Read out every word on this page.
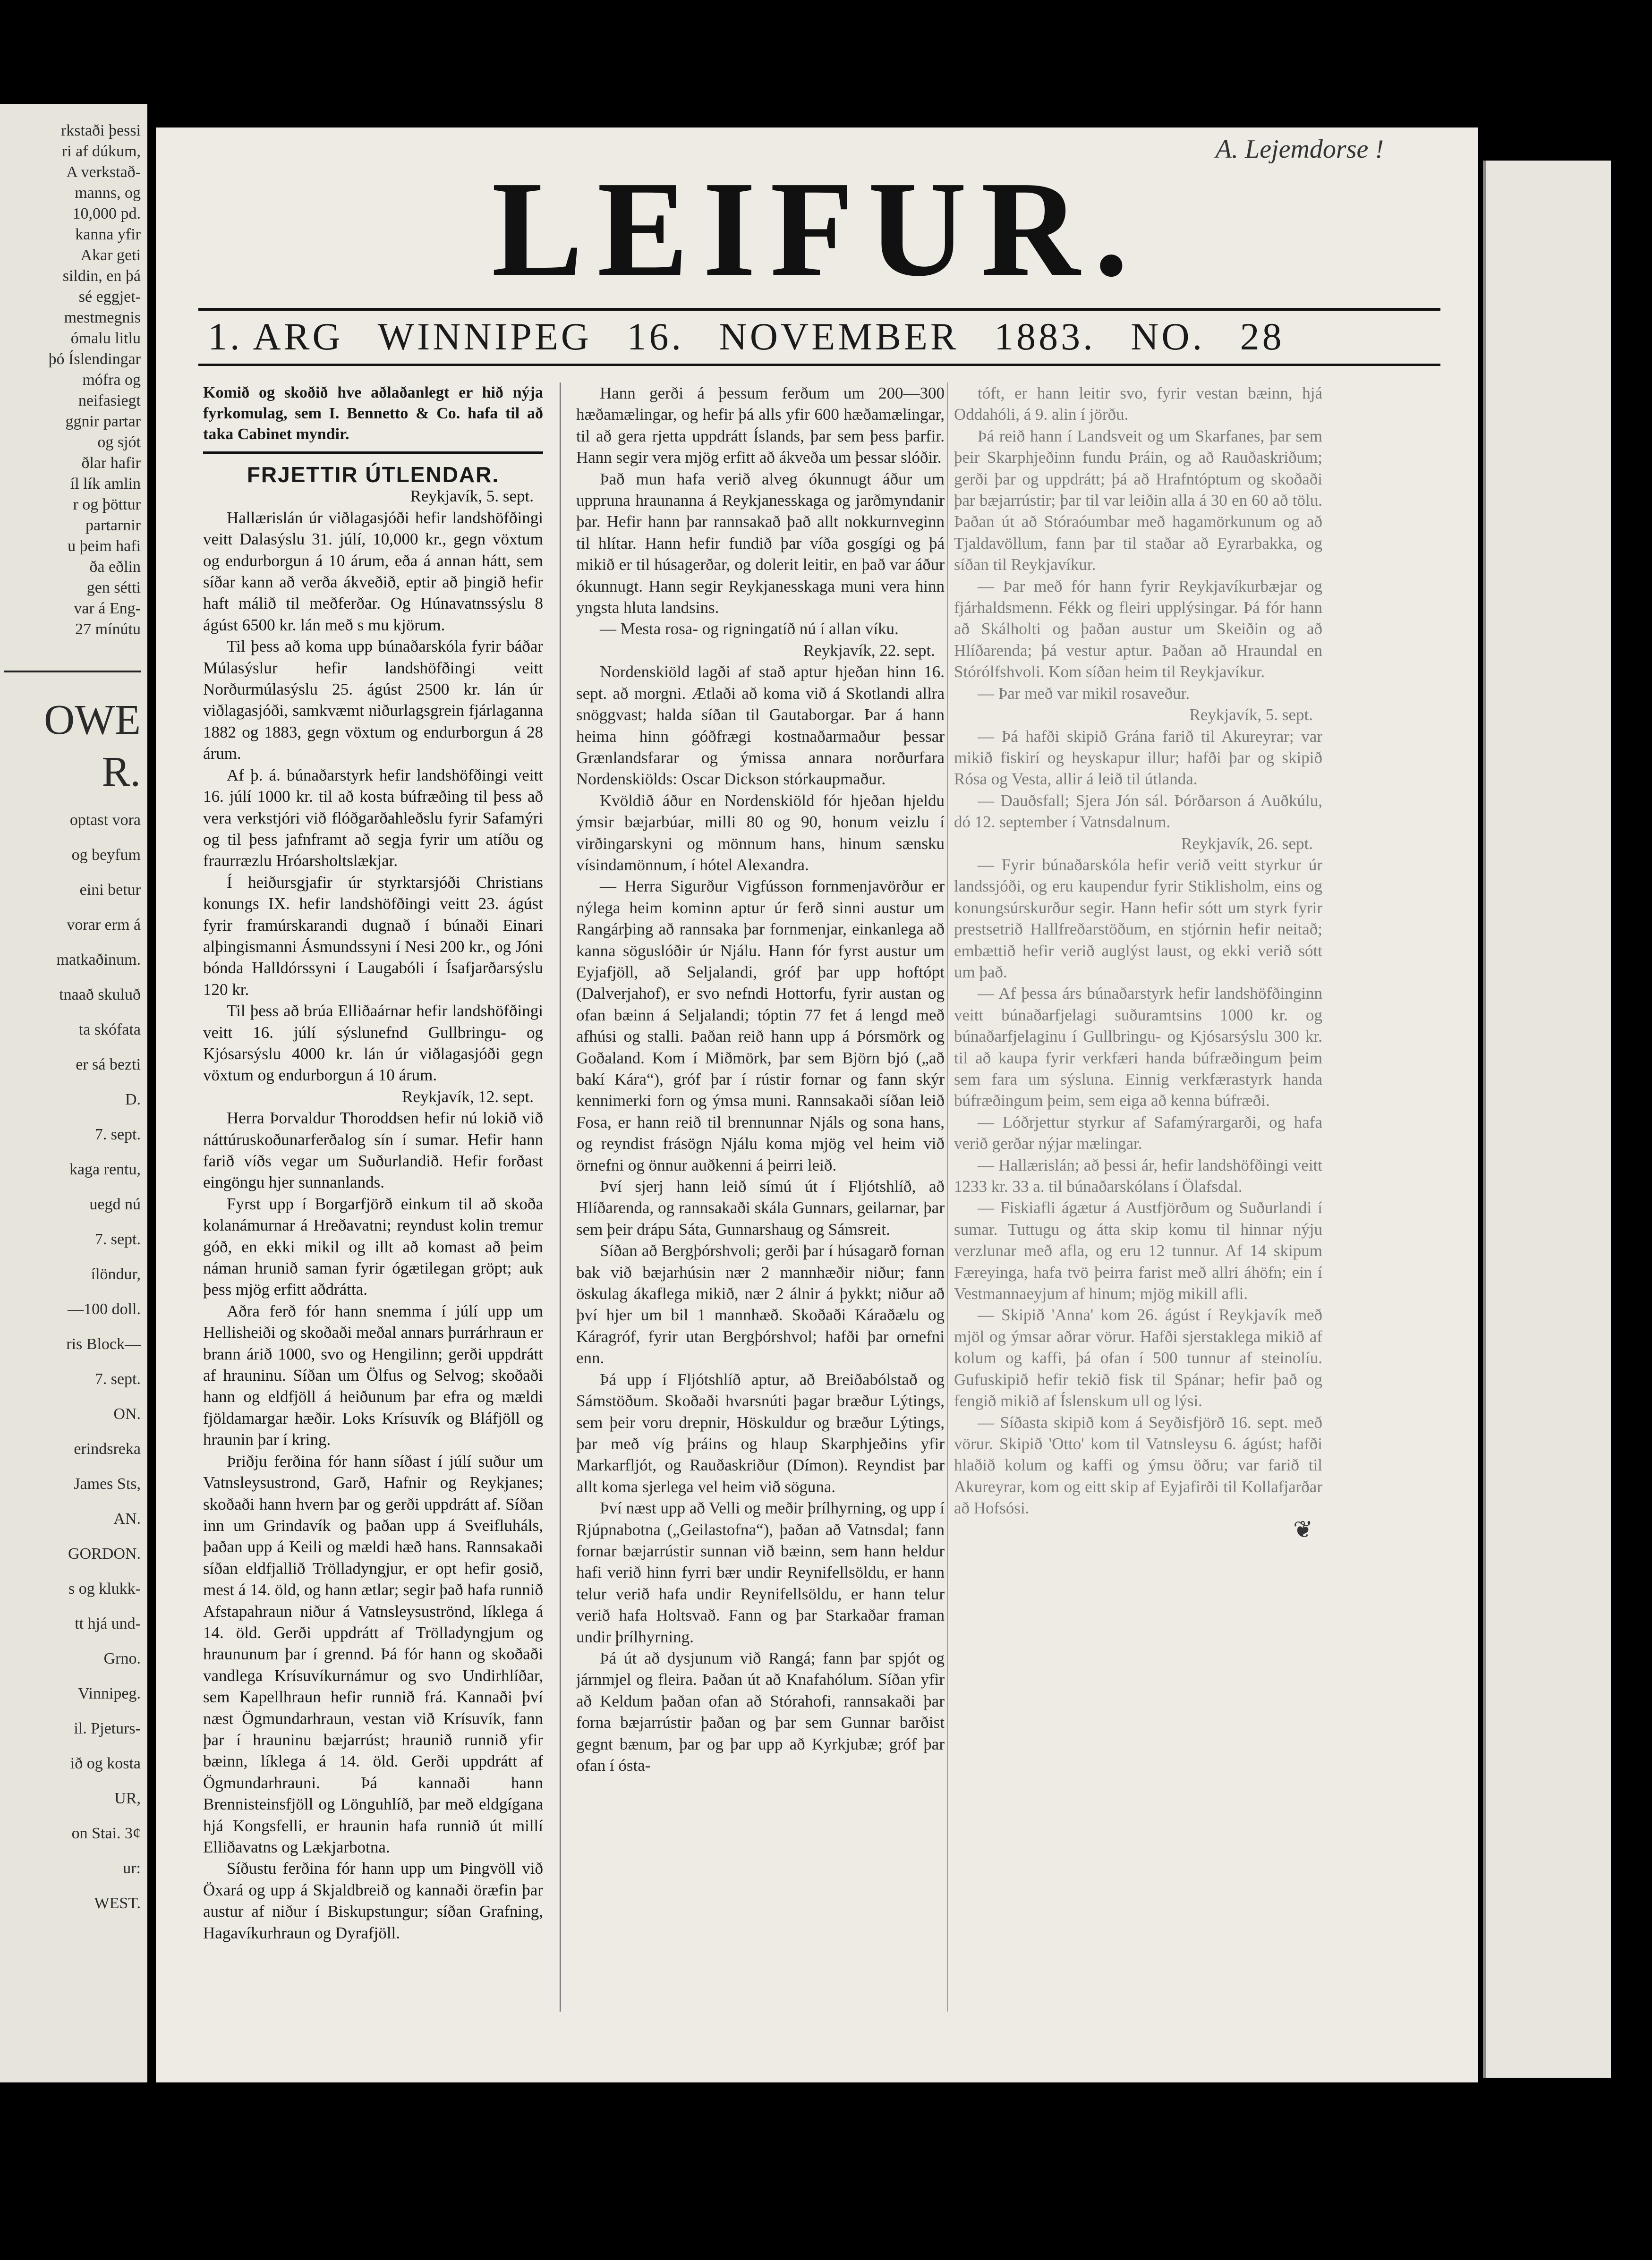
rkstaði þessi
ri af dúkum,
A verkstað-
manns, og
10,000 pd.
kanna yfir
Akar geti
sildin, en þá
sé eggjet-
mestmegnis
ómalu litlu
þó Íslendingar
mófra og
neifasiegt
ggnir partar
og sjót
ðlar hafir
íl lík amlin
r og þöttur
partarnir
u þeim hafi
ða eðlin
gen sétti
var á Eng-
27 mínútu
OWE
R.
optast vora
og beyfum
eini betur
vorar erm á
matkaðinum.
tnaað skuluð
ta skófata
er sá bezti
D.
7. sept.
kaga rentu,
uegd nú
7. sept.
ílöndur,
—100 doll.
ris Block—
7. sept.
ON.
erindsreka
James Sts,
AN.
GORDON.
s og klukk-
tt hjá und-
Grno.
Vinnipeg.
il. Pjeturs-
ið og kosta
UR,
on Stai. 3¢
ur:
WEST.
A. Lejemdorse !
LEIFUR.
1. ARG WINNIPEG 16. NOVEMBER 1883. NO. 28

Komið og skoðið hve aðlaðanlegt er hið nýja fyrkomulag, sem I. Bennetto & Co. hafa til að taka Cabinet myndir.

FRJETTIR ÚTLENDAR.

Reykjavík, 5. sept.

Hallærislán úr viðlagasjóði hefir landshöfðingi veitt Dalasýslu 31. júlí, 10,000 kr., gegn vöxtum og endurborgun á 10 árum, eða á annan hátt, sem síðar kann að verða ákveðið, eptir að þingið hefir haft málið til meðferðar. Og Húnavatnssýslu 8 ágúst 6500 kr. lán með s mu kjörum.

Til þess að koma upp búnaðarskóla fyrir báðar Múlasýslur hefir landshöfðingi veitt Norðurmúlasýslu 25. ágúst 2500 kr. lán úr viðlagasjóði, samkvæmt niðurlagsgrein fjárlaganna 1882 og 1883, gegn vöxtum og endurborgun á 28 árum.

Af þ. á. búnaðarstyrk hefir landshöfðingi veitt 16. júlí 1000 kr. til að kosta búfræðing til þess að vera verkstjóri við flóðgarðahleðslu fyrir Safamýri og til þess jafnframt að segja fyrir um atíðu og fraurræzlu Hróarsholtslækjar.

Í heiðursgjafir úr styrktarsjóði Christians konungs IX. hefir landshöfðingi veitt 23. ágúst fyrir framúrskarandi dugnað í búnaði Einari alþingismanni Ásmundssyni í Nesi 200 kr., og Jóni bónda Halldórssyni í Laugabóli í Ísafjarðarsýslu 120 kr.

Til þess að brúa Elliðaárnar hefir landshöfðingi veitt 16. júlí sýslunefnd Gullbringu- og Kjósarsýslu 4000 kr. lán úr viðlagasjóði gegn vöxtum og endurborgun á 10 árum.

Reykjavík, 12. sept.

Herra Þorvaldur Thoroddsen hefir nú lokið við náttúruskoðunarferðalog sín í sumar. Hefir hann farið víðs vegar um Suðurlandið. Hefir forðast eingöngu hjer sunnanlands.

Fyrst upp í Borgarfjörð einkum til að skoða kolanámurnar á Hreðavatni; reyndust kolin tremur góð, en ekki mikil og illt að komast að þeim náman hrunið saman fyrir ógætilegan gröpt; auk þess mjög erfitt aðdrátta.

Aðra ferð fór hann snemma í júlí upp um Hellisheiði og skoðaði meðal annars þurrárhraun er brann árið 1000, svo og Hengilinn; gerði uppdrátt af hrauninu. Síðan um Ölfus og Selvog; skoðaði hann og eldfjöll á heiðunum þar efra og mældi fjöldamargar hæðir. Loks Krísuvík og Bláfjöll og hraunin þar í kring.

Þriðju ferðina fór hann síðast í júlí suður um Vatnsleysustrond, Garð, Hafnir og Reykjanes; skoðaði hann hvern þar og gerði uppdrátt af. Síðan inn um Grindavík og þaðan upp á Sveifluháls, þaðan upp á Keili og mældi hæð hans. Rannsakaði síðan eldfjallið Trölladyngjur, er opt hefir gosið, mest á 14. öld, og hann ætlar; segir það hafa runnið Afstapahraun niður á Vatnsleysuströnd, líklega á 14. öld. Gerði uppdrátt af Trölladyngjum og hraununum þar í grennd. Þá fór hann og skoðaði vandlega Krísuvíkurnámur og svo Undirhlíðar, sem Kapellhraun hefir runnið frá. Kannaði því næst Ögmundarhraun, vestan við Krísuvík, fann þar í hrauninu bæjarrúst; hraunið runnið yfir bæinn, líklega á 14. öld. Gerði uppdrátt af Ögmundarhrauni. Þá kannaði hann Brennisteinsfjöll og Lönguhlíð, þar með eldgígana hjá Kongsfelli, er hraunin hafa runnið út millí Elliðavatns og Lækjarbotna.

Síðustu ferðina fór hann upp um Þingvöll við Öxará og upp á Skjaldbreið og kannaði öræfin þar austur af niður í Biskupstungur; síðan Grafning, Hagavíkurhraun og Dyrafjöll.

Hann gerði á þessum ferðum um 200—300 hæðamælingar, og hefir þá alls yfir 600 hæðamælingar, til að gera rjetta uppdrátt Íslands, þar sem þess þarfir. Hann segir vera mjög erfitt að ákveða um þessar slóðir.

Það mun hafa verið alveg ókunnugt áður um uppruna hraunanna á Reykjanesskaga og jarðmyndanir þar. Hefir hann þar rannsakað það allt nokkurnveginn til hlítar. Hann hefir fundið þar víða gosgígi og þá mikið er til húsagerðar, og dolerit leitir, en það var áður ókunnugt. Hann segir Reykjanesskaga muni vera hinn yngsta hluta landsins.

— Mesta rosa- og rigningatíð nú í allan víku.

Reykjavík, 22. sept.

Nordenskiöld lagði af stað aptur hjeðan hinn 16. sept. að morgni. Ætlaði að koma við á Skotlandi allra snöggvast; halda síðan til Gautaborgar. Þar á hann heima hinn góðfrægi kostnaðarmaður þessar Grænlandsfarar og ýmissa annara norðurfara Nordenskiölds: Oscar Dickson stórkaupmaður.

Kvöldið áður en Nordenskiöld fór hjeðan hjeldu ýmsir bæjarbúar, milli 80 og 90, honum veizlu í virðingarskyni og mönnum hans, hinum sænsku vísindamönnum, í hótel Alexandra.

— Herra Sigurður Vigfússon fornmenjavörður er nýlega heim kominn aptur úr ferð sinni austur um Rangárþing að rannsaka þar fornmenjar, einkanlega að kanna söguslóðir úr Njálu. Hann fór fyrst austur um Eyjafjöll, að Seljalandi, gróf þar upp hoftópt (Dalverjahof), er svo nefndi Hottorfu, fyrir austan og ofan bæinn á Seljalandi; tóptin 77 fet á lengd með afhúsi og stalli. Þaðan reið hann upp á Þórsmörk og Goðaland. Kom í Miðmörk, þar sem Björn bjó („að bakí Kára“), gróf þar í rústir fornar og fann skýr kennimerki forn og ýmsa muni. Rannsakaði síðan leið Fosa, er hann reið til brennunnar Njáls og sona hans, og reyndist frásögn Njálu koma mjög vel heim við örnefni og önnur auðkenni á þeirri leið.

Því sjerj hann leið símú út í Fljótshlíð, að Hlíðarenda, og rannsakaði skála Gunnars, geilarnar, þar sem þeir drápu Sáta, Gunnarshaug og Sámsreit.

Síðan að Bergþórshvoli; gerði þar í húsagarð fornan bak við bæjarhúsin nær 2 mannhæðir niður; fann öskulag ákaflega mikið, nær 2 álnir á þykkt; niður að því hjer um bil 1 mannhæð. Skoðaði Káraðælu og Káragróf, fyrir utan Bergþórshvol; hafði þar ornefni enn.

Þá upp í Fljótshlíð aptur, að Breiðabólstað og Sámstöðum. Skoðaði hvarsnúti þagar bræður Lýtings, sem þeir voru drepnir, Höskuldur og bræður Lýtings, þar með víg þráins og hlaup Skarphjeðins yfir Markarfljót, og Rauðaskriður (Dímon). Reyndist þar allt koma sjerlega vel heim við söguna.

Því næst upp að Velli og meðir þrílhyrning, og upp í Rjúpnabotna („Geilastofna“), þaðan að Vatnsdal; fann fornar bæjarrústir sunnan við bæinn, sem hann heldur hafi verið hinn fyrri bær undir Reynifellsöldu, er hann telur verið hafa undir Reynifellsöldu, er hann telur verið hafa Holtsvað. Fann og þar Starkaðar framan undir þrílhyrning.

Þá út að dysjunum við Rangá; fann þar spjót og járnmjel og fleira. Þaðan út að Knafahólum. Síðan yfir að Keldum þaðan ofan að Stórahofi, rannsakaði þar forna bæjarrústir þaðan og þar sem Gunnar barðist gegnt bænum, þar og þar upp að Kyrkjubæ; gróf þar ofan í ósta-

tóft, er hann leitir svo, fyrir vestan bæinn, hjá Oddahóli, á 9. alin í jörðu.

Þá reið hann í Landsveit og um Skarfanes, þar sem þeir Skarphjeðinn fundu Þráin, og að Rauðaskriðum; gerði þar og uppdrátt; þá að Hrafntóptum og skoðaði þar bæjarrústir; þar til var leiðin alla á 30 en 60 að tölu. Þaðan út að Stóraóumbar með hagamörkunum og að Tjaldavöllum, fann þar til staðar að Eyrarbakka, og síðan til Reykjavíkur.

— Þar með fór hann fyrir Reykjavíkurbæjar og fjárhaldsmenn. Fékk og fleiri upplýsingar. Þá fór hann að Skálholti og þaðan austur um Skeiðin og að Hlíðarenda; þá vestur aptur. Þaðan að Hraundal en Stórólfshvoli. Kom síðan heim til Reykjavíkur.

— Þar með var mikil rosaveður.

Reykjavík, 5. sept.

— Þá hafði skipið Grána farið til Akureyrar; var mikið fiskirí og heyskapur illur; hafði þar og skipið Rósa og Vesta, allir á leið til útlanda.

— Dauðsfall; Sjera Jón sál. Þórðarson á Auðkúlu, dó 12. september í Vatnsdalnum.

Reykjavík, 26. sept.

— Fyrir búnaðarskóla hefir verið veitt styrkur úr landssjóði, og eru kaupendur fyrir Stiklisholm, eins og konungsúrskurður segir. Hann hefir sótt um styrk fyrir prestsetrið Hallfreðarstöðum, en stjórnin hefir neitað; embættið hefir verið auglýst laust, og ekki verið sótt um það.

— Af þessa árs búnaðarstyrk hefir landshöfðinginn veitt búnaðarfjelagi suðuramtsins 1000 kr. og búnaðarfjelaginu í Gullbringu- og Kjósarsýslu 300 kr. til að kaupa fyrir verkfæri handa búfræðingum þeim sem fara um sýsluna. Einnig verkfærastyrk handa búfræðingum þeim, sem eiga að kenna búfræði.

— Lóðrjettur styrkur af Safamýrargarði, og hafa verið gerðar nýjar mælingar.

— Hallærislán; að þessi ár, hefir landshöfðingi veitt 1233 kr. 33 a. til búnaðarskólans í Ölafsdal.

— Fiskiafli ágætur á Austfjörðum og Suðurlandi í sumar. Tuttugu og átta skip komu til hinnar nýju verzlunar með afla, og eru 12 tunnur. Af 14 skipum Færeyinga, hafa tvö þeirra farist með allri áhöfn; ein í Vestmannaeyjum af hinum; mjög mikill afli.

— Skipið 'Anna' kom 26. ágúst í Reykjavík með mjöl og ýmsar aðrar vörur. Hafði sjerstaklega mikið af kolum og kaffi, þá ofan í 500 tunnur af steinolíu. Gufuskipið hefir tekið fisk til Spánar; hefir það og fengið mikið af Íslenskum ull og lýsi.

— Síðasta skipið kom á Seyðisfjörð 16. sept. með vörur. Skipið 'Otto' kom til Vatnsleysu 6. ágúst; hafði hlaðið kolum og kaffi og ýmsu öðru; var farið til Akureyrar, kom og eitt skip af Eyjafirði til Kollafjarðar að Hofsósi.

❦
